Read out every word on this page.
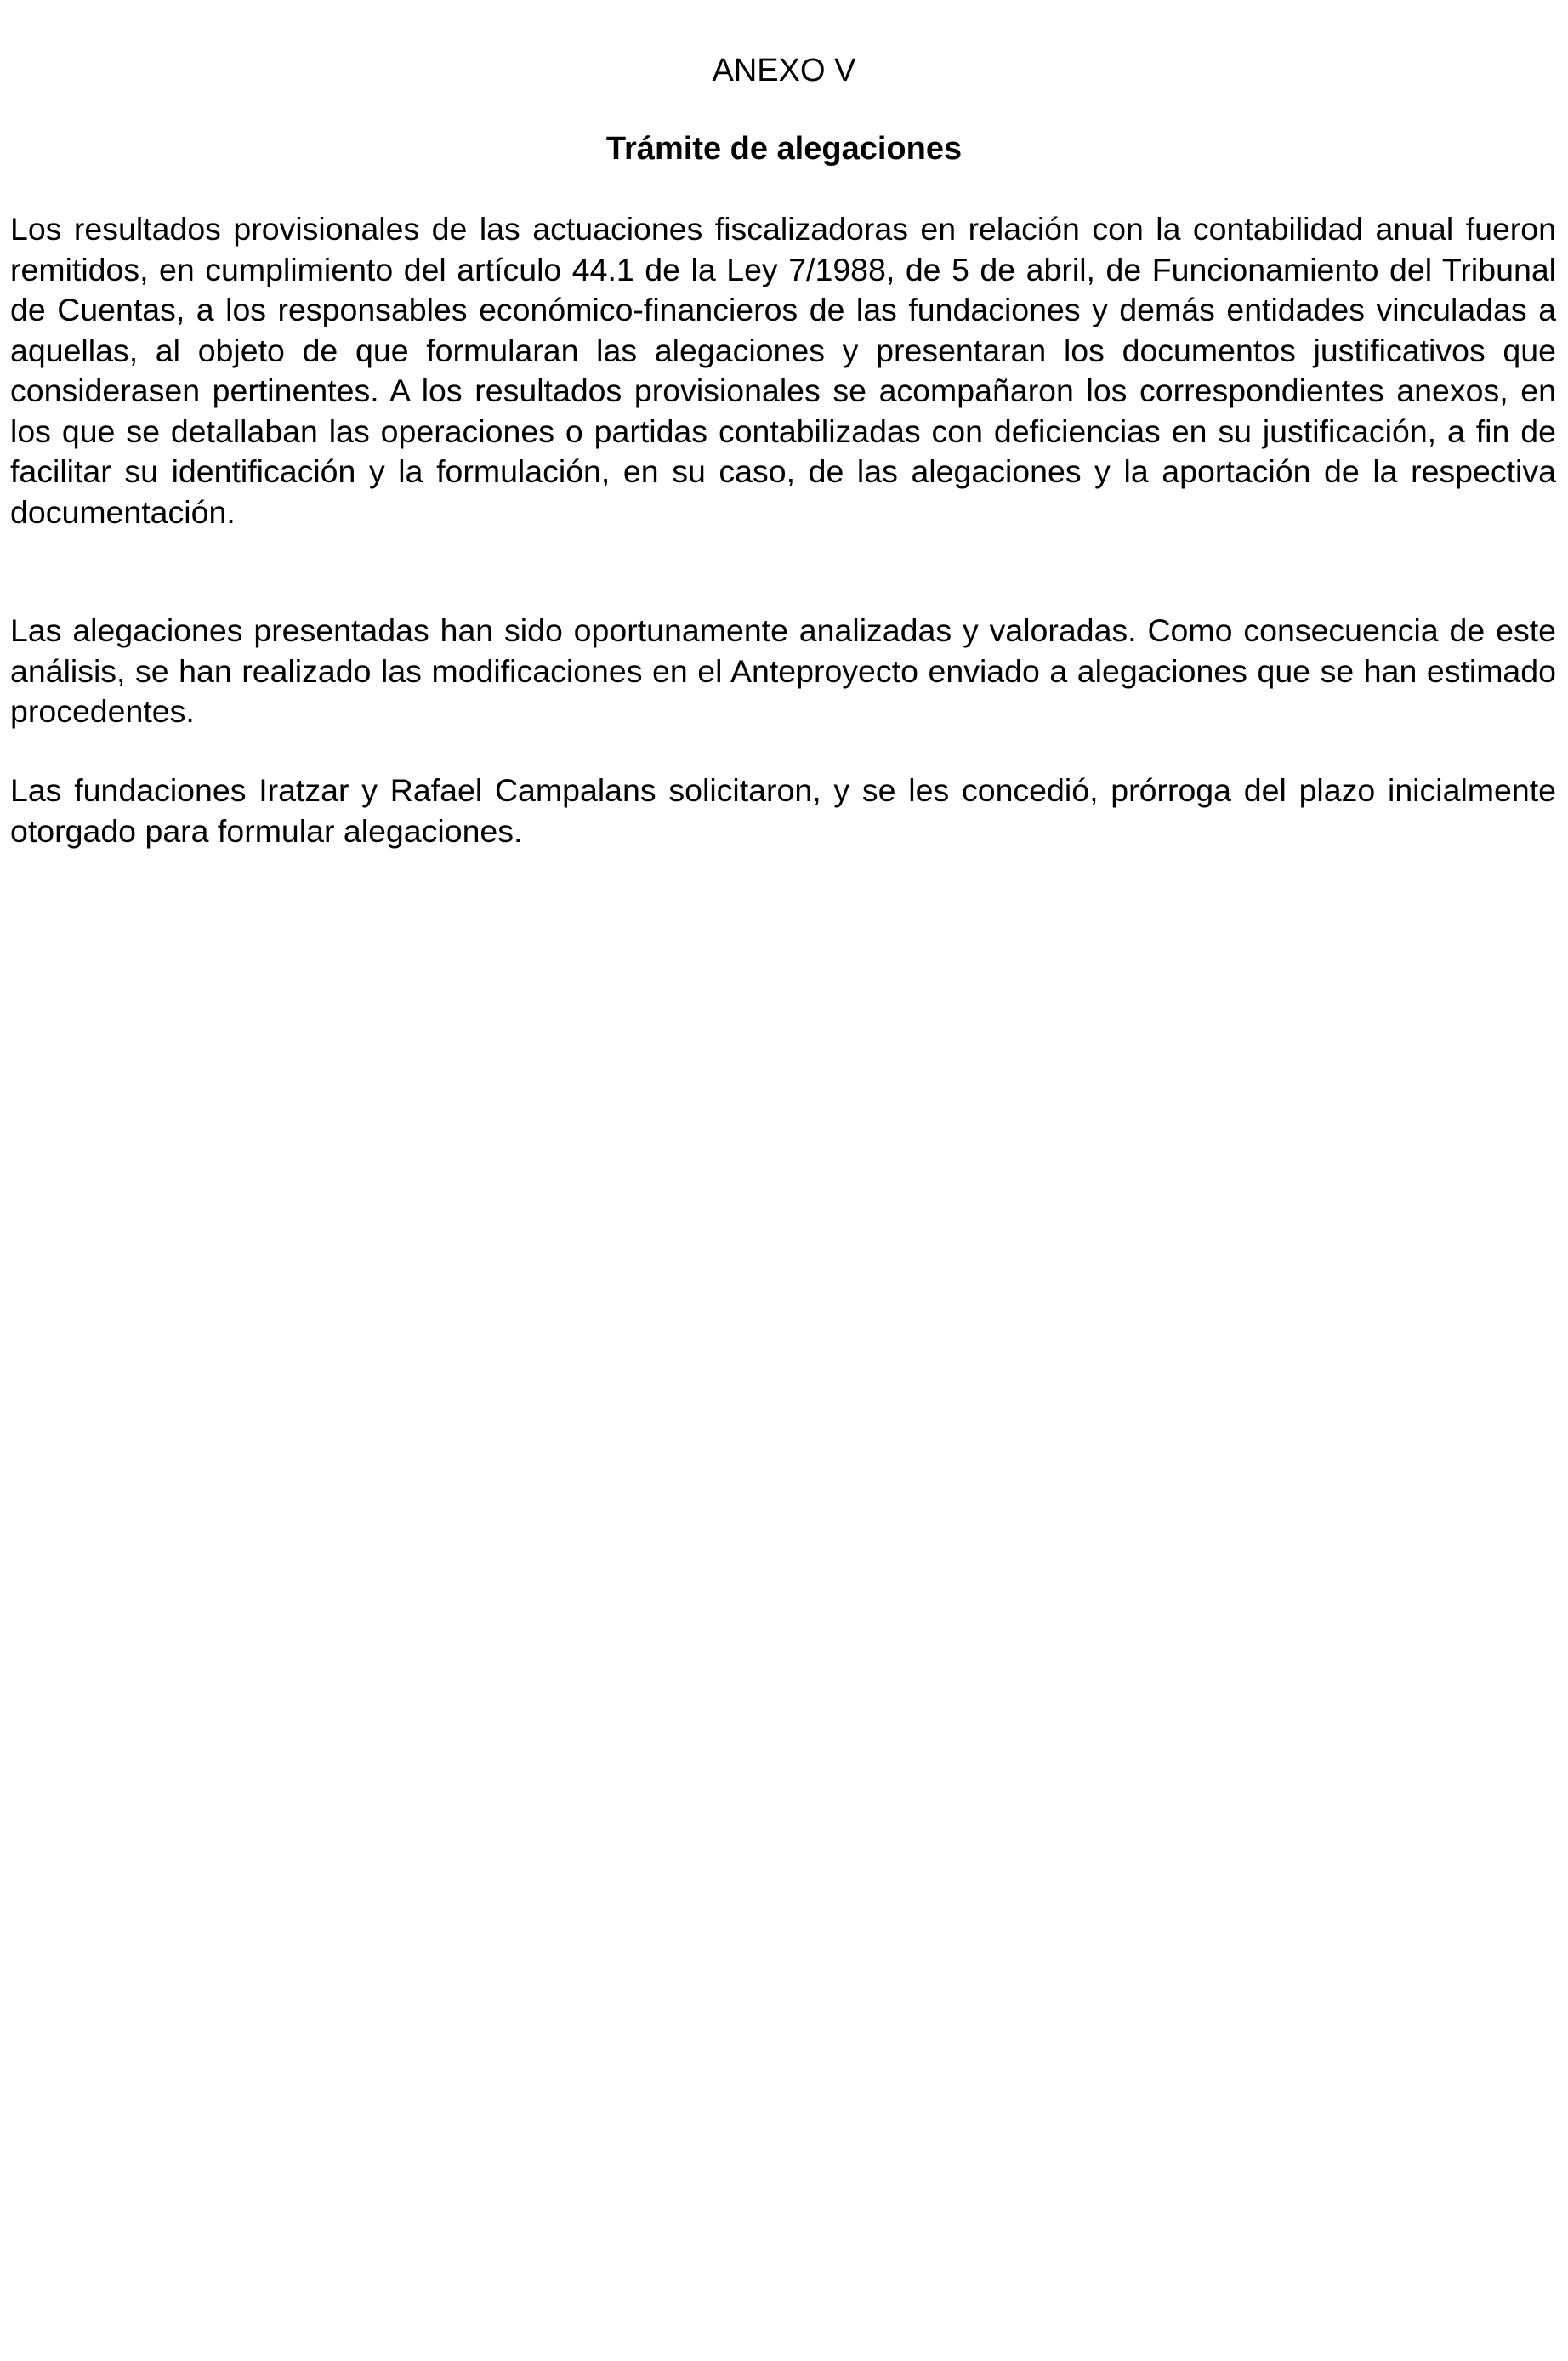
ANEXO V
Trámite de alegaciones

Los resultados provisionales de las actuaciones fiscalizadoras en relación con la contabilidad anual fueron remitidos, en cumplimiento del artículo 44.1 de la Ley 7/1988, de 5 de abril, de Funcionamiento del Tribunal de Cuentas, a los responsables económico-financieros de las fundaciones y demás entidades vinculadas a aquellas, al objeto de que formularan las alegaciones y presentaran los documentos justificativos que considerasen pertinentes. A los resultados provisionales se acompañaron los correspondientes anexos, en los que se detallaban las operaciones o partidas contabilizadas con deficiencias en su justificación, a fin de facilitar su identificación y la formulación, en su caso, de las alegaciones y la aportación de la respectiva documentación.

Las alegaciones presentadas han sido oportunamente analizadas y valoradas. Como consecuencia de este análisis, se han realizado las modificaciones en el Anteproyecto enviado a alegaciones que se han estimado procedentes.

Las fundaciones Iratzar y Rafael Campalans solicitaron, y se les concedió, prórroga del plazo inicialmente otorgado para formular alegaciones.
